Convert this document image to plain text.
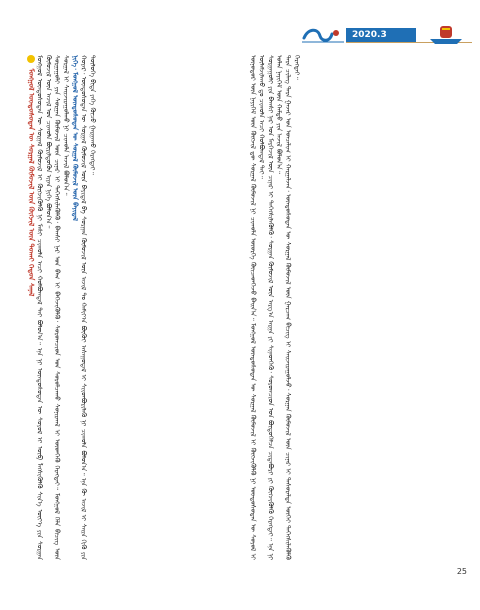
2020.3

ᠮᠣᠩᠭᠣᠯ ᠦᠨᠳᠦᠰᠦᠲᠡᠨ ᠦ ᠰᠤᠷᠭᠠᠯ ᠬᠦᠮᠦᠵᠢᠯ ᠦᠨ ᠬᠦᠭᠵᠢᠯ ᠦᠨ ᠲᠤᠬᠠᠢ ᠬᠡᠳᠦᠨ ᠰᠠᠨᠠᠯ ᠮᠣᠩᠭᠣᠯ ᠦᠨᠳᠦᠰᠦᠲᠡᠨ ᠦ ᠰᠤᠷᠭᠠᠯ ᠬᠦᠮᠦᠵᠢᠯ ᠢ ᠬᠦᠭᠵᠢᠭᠦᠯᠬᠦ ᠨᠢ ᠮᠠᠰᠢ ᠴᠢᠬᠤᠯᠠ ᠠᠴᠢ ᠬᠣᠯᠪᠣᠭᠳᠠᠯ ᠲᠠᠢ ᠪᠣᠯᠤᠨ᠎ᠠ᠃ ᠡᠨᠡ ᠨᠢ ᠦᠨᠳᠦᠰᠦᠲᠡᠨ ᠦ ᠰᠣᠶᠣᠯ ᠢ ᠥᠪ ᠯᠡᠭᠰᠢᠭᠦᠯᠬᠦ ᠰᠢᠨ᠎ᠡ ᠦᠶ᠎ᠡ ᠶᠢᠨ ᠰᠤᠷᠭᠠᠨ ᠬᠦᠮᠦᠵᠢᠯ ᠦᠨ ᠠᠵᠢᠯ ᠤᠨ ᠴᠢᠬᠤᠯᠠ ᠪᠦᠷᠢᠯᠳᠦᠬᠦᠨ ᠢᠶᠡᠨ ᠨᠢᠭᠡ ᠪᠣᠯᠤᠨ᠎ᠠ᠃ ᠰᠤᠷᠭᠠᠭᠤᠯᠢ ᠶᠢᠨ ᠰᠤᠷᠭᠠᠨ ᠬᠦᠮᠦᠵᠢᠯ ᠦᠨ ᠴᠢᠨᠠᠷ ᠢ ᠳᠡᠭᠡᠭᠰᠢᠯᠡᠭᠦᠯᠬᠦ᠂ ᠪᠠᠭᠰᠢ ᠨᠠᠷ ᠤᠨ ᠪᠠᠭ ᠢ ᠪᠡᠬᠡᠵᠢᠭᠦᠯᠬᠦ᠂ ᠰᠤᠷᠤᠭᠴᠢᠳ ᠤᠨ ᠰᠤᠷᠤᠯᠴᠠᠬᠤ ᠰᠣᠨᠢᠷᠬᠠᠯ ᠢ ᠥᠳᠬᠡᠬᠦ ᠬᠡᠷᠡᠭᠲᠡᠶ᠃ ᠮᠣᠩᠭᠣᠯ ᠬᠡᠯᠡ ᠪᠢᠴᠢᠭ ᠦᠨ ᠰᠤᠷᠭᠠᠯ ᠢ ᠰᠠᠢᠵᠢᠷᠠᠭᠤᠯᠬᠤ ᠨᠢ ᠴᠢᠬᠤᠯᠠ ᠠᠵᠢᠯ ᠪᠣᠯᠤᠨ᠎ᠠ᠃ ᠨᠢᠭᠡ᠂ ᠮᠣᠩᠭᠣᠯ ᠦᠨᠳᠦᠰᠦᠲᠡᠨ ᠦ ᠰᠤᠷᠭᠠᠯ ᠬᠦᠮᠦᠵᠢᠯ ᠦᠨ ᠪᠠᠶᠢᠳᠠᠯ ᠬᠣᠶᠠᠷ᠂ ᠦᠨᠳᠦᠰᠦᠲᠡᠨ ᠦ ᠰᠤᠷᠭᠠᠯ ᠬᠦᠮᠦᠵᠢᠯ ᠦᠨ ᠪᠠᠶᠢᠳᠠᠯ ᠪᠠ ᠰᠤᠷᠭᠠᠨ ᠬᠦᠮᠦᠵᠢᠯ ᠦᠨ ᠠᠵᠢᠯ ᠲᠤ ᠬᠠᠮᠢᠶ᠎ᠠ ᠪᠦᠬᠦᠢ ᠠᠰᠠᠭᠤᠳᠠᠯ ᠢ ᠰᠢᠢᠳᠪᠦᠷᠢᠯᠡᠬᠦ ᠨᠢ ᠴᠢᠬᠤᠯᠠ ᠪᠣᠯᠤᠨ᠎ᠠ᠃ ᠡᠨᠡ ᠬᠦ ᠠᠵᠢᠯ ᠢ ᠰᠠᠢᠨ ᠬᠢᠬᠦ ᠶᠢᠨ ᠲᠥᠯᠥᠭᠡ ᠪᠢᠳᠡ ᠶᠡᠬᠡ ᠬᠦᠴᠦ ᠭᠠᠷᠭᠠᠬᠤ ᠬᠡᠷᠡᠭᠲᠡᠶ᠃	ᠥᠨᠥᠳᠥᠷ ᠦᠨ ᠨᠡᠶᠢᠭᠡᠮ ᠦᠨ ᠬᠦᠭᠵᠢᠯ ᠳᠦ ᠰᠤᠷᠭᠠᠯ ᠬᠦᠮᠦᠵᠢᠯ ᠨᠢ ᠴᠢᠬᠤᠯᠠ ᠦᠦᠷᠭᠡ ᠭᠦᠢᠴᠡᠳᠬᠡᠵᠦ ᠪᠠᠢᠨ᠎ᠠ᠃ ᠮᠣᠩᠭᠣᠯ ᠦᠨᠳᠦᠰᠦᠲᠡᠨ ᠦ ᠰᠤᠷᠭᠠᠯ ᠬᠦᠮᠦᠵᠢᠯ ᠢ ᠬᠥᠭᠵᠢᠭᠦᠯᠬᠦ ᠨᠢ ᠦᠨᠳᠦᠰᠦᠲᠡᠨ ᠦ ᠰᠣᠶᠣᠯ ᠢ ᠦᠯᠠᠮᠵᠢᠯᠠᠬᠤ ᠳᠤ ᠴᠢᠬᠤᠯᠠ ᠠᠴᠢ ᠬᠣᠯᠪᠣᠭᠳᠠᠯ ᠲᠠᠢ᠃ ᠰᠤᠷᠭᠠᠭᠤᠯᠢ ᠶᠢᠨ ᠪᠠᠭᠰᠢ ᠨᠠᠷ ᠤᠨ ᠮᠡᠷᠭᠡᠵᠢᠯ ᠦᠨ ᠴᠢᠨᠠᠷ ᠢ ᠳᠡᠭᠡᠭᠰᠢᠯᠡᠭᠦᠯᠬᠦ᠂ ᠰᠤᠷᠭᠠᠨ ᠬᠦᠮᠦᠵᠢᠯ ᠦᠨ ᠠᠷᠭ᠎ᠠ ᠠᠷᠭᠠ ᠶᠢ ᠰᠢᠨᠡᠳᠬᠡᠬᠦ᠂ ᠰᠤᠷᠤᠭᠴᠢᠳ ᠤᠨ ᠪᠦᠲᠦᠭᠡᠯᠴᠡ ᠴᠢᠳᠠᠪᠤᠷᠢ ᠶᠢ ᠬᠥᠭᠵᠢᠭᠦᠯᠬᠦ ᠬᠡᠷᠡᠭᠲᠡᠶ᠃ ᠡᠨᠡ ᠨᠢ ᠣᠯᠠᠨ ᠨᠡᠶᠢᠭᠡᠮ ᠦᠨ ᠬᠠᠮᠲᠤ ᠶᠢᠨ ᠠᠵᠢᠯ ᠪᠣᠯᠤᠨ᠎ᠠ᠃ ᠲᠡᠷᠡ ᠴᠢᠯᠡᠭ ᠲᠡᠷᠡ ᠭᠠᠵᠠᠷ ᠤᠨ ᠣᠨᠴᠠᠯᠢᠭ ᠢ ᠬᠠᠷᠭᠠᠯᠵᠠᠨ᠂ ᠦᠨᠳᠦᠰᠦᠲᠡᠨ ᠦ ᠰᠤᠷᠭᠠᠯ ᠬᠦᠮᠦᠵᠢᠯ ᠦᠨ ᠭᠠᠷᠴᠠᠭ ᠪᠢᠴᠢᠭ ᠢ ᠰᠠᠢᠵᠢᠷᠠᠭᠤᠯᠵᠤ᠂ ᠰᠤᠷᠭᠠᠨ ᠬᠦᠮᠦᠵᠢᠯ ᠦᠨ ᠴᠢᠨᠠᠷ ᠢ ᠲᠠᠰᠤᠷᠠᠯᠲᠠ ᠦᠭᠡᠢ ᠳᠡᠭᠡᠭᠰᠢᠯᠡᠭᠦᠯᠬᠦ ᠬᠡᠷᠡᠭᠲᠡᠶ᠃

25
